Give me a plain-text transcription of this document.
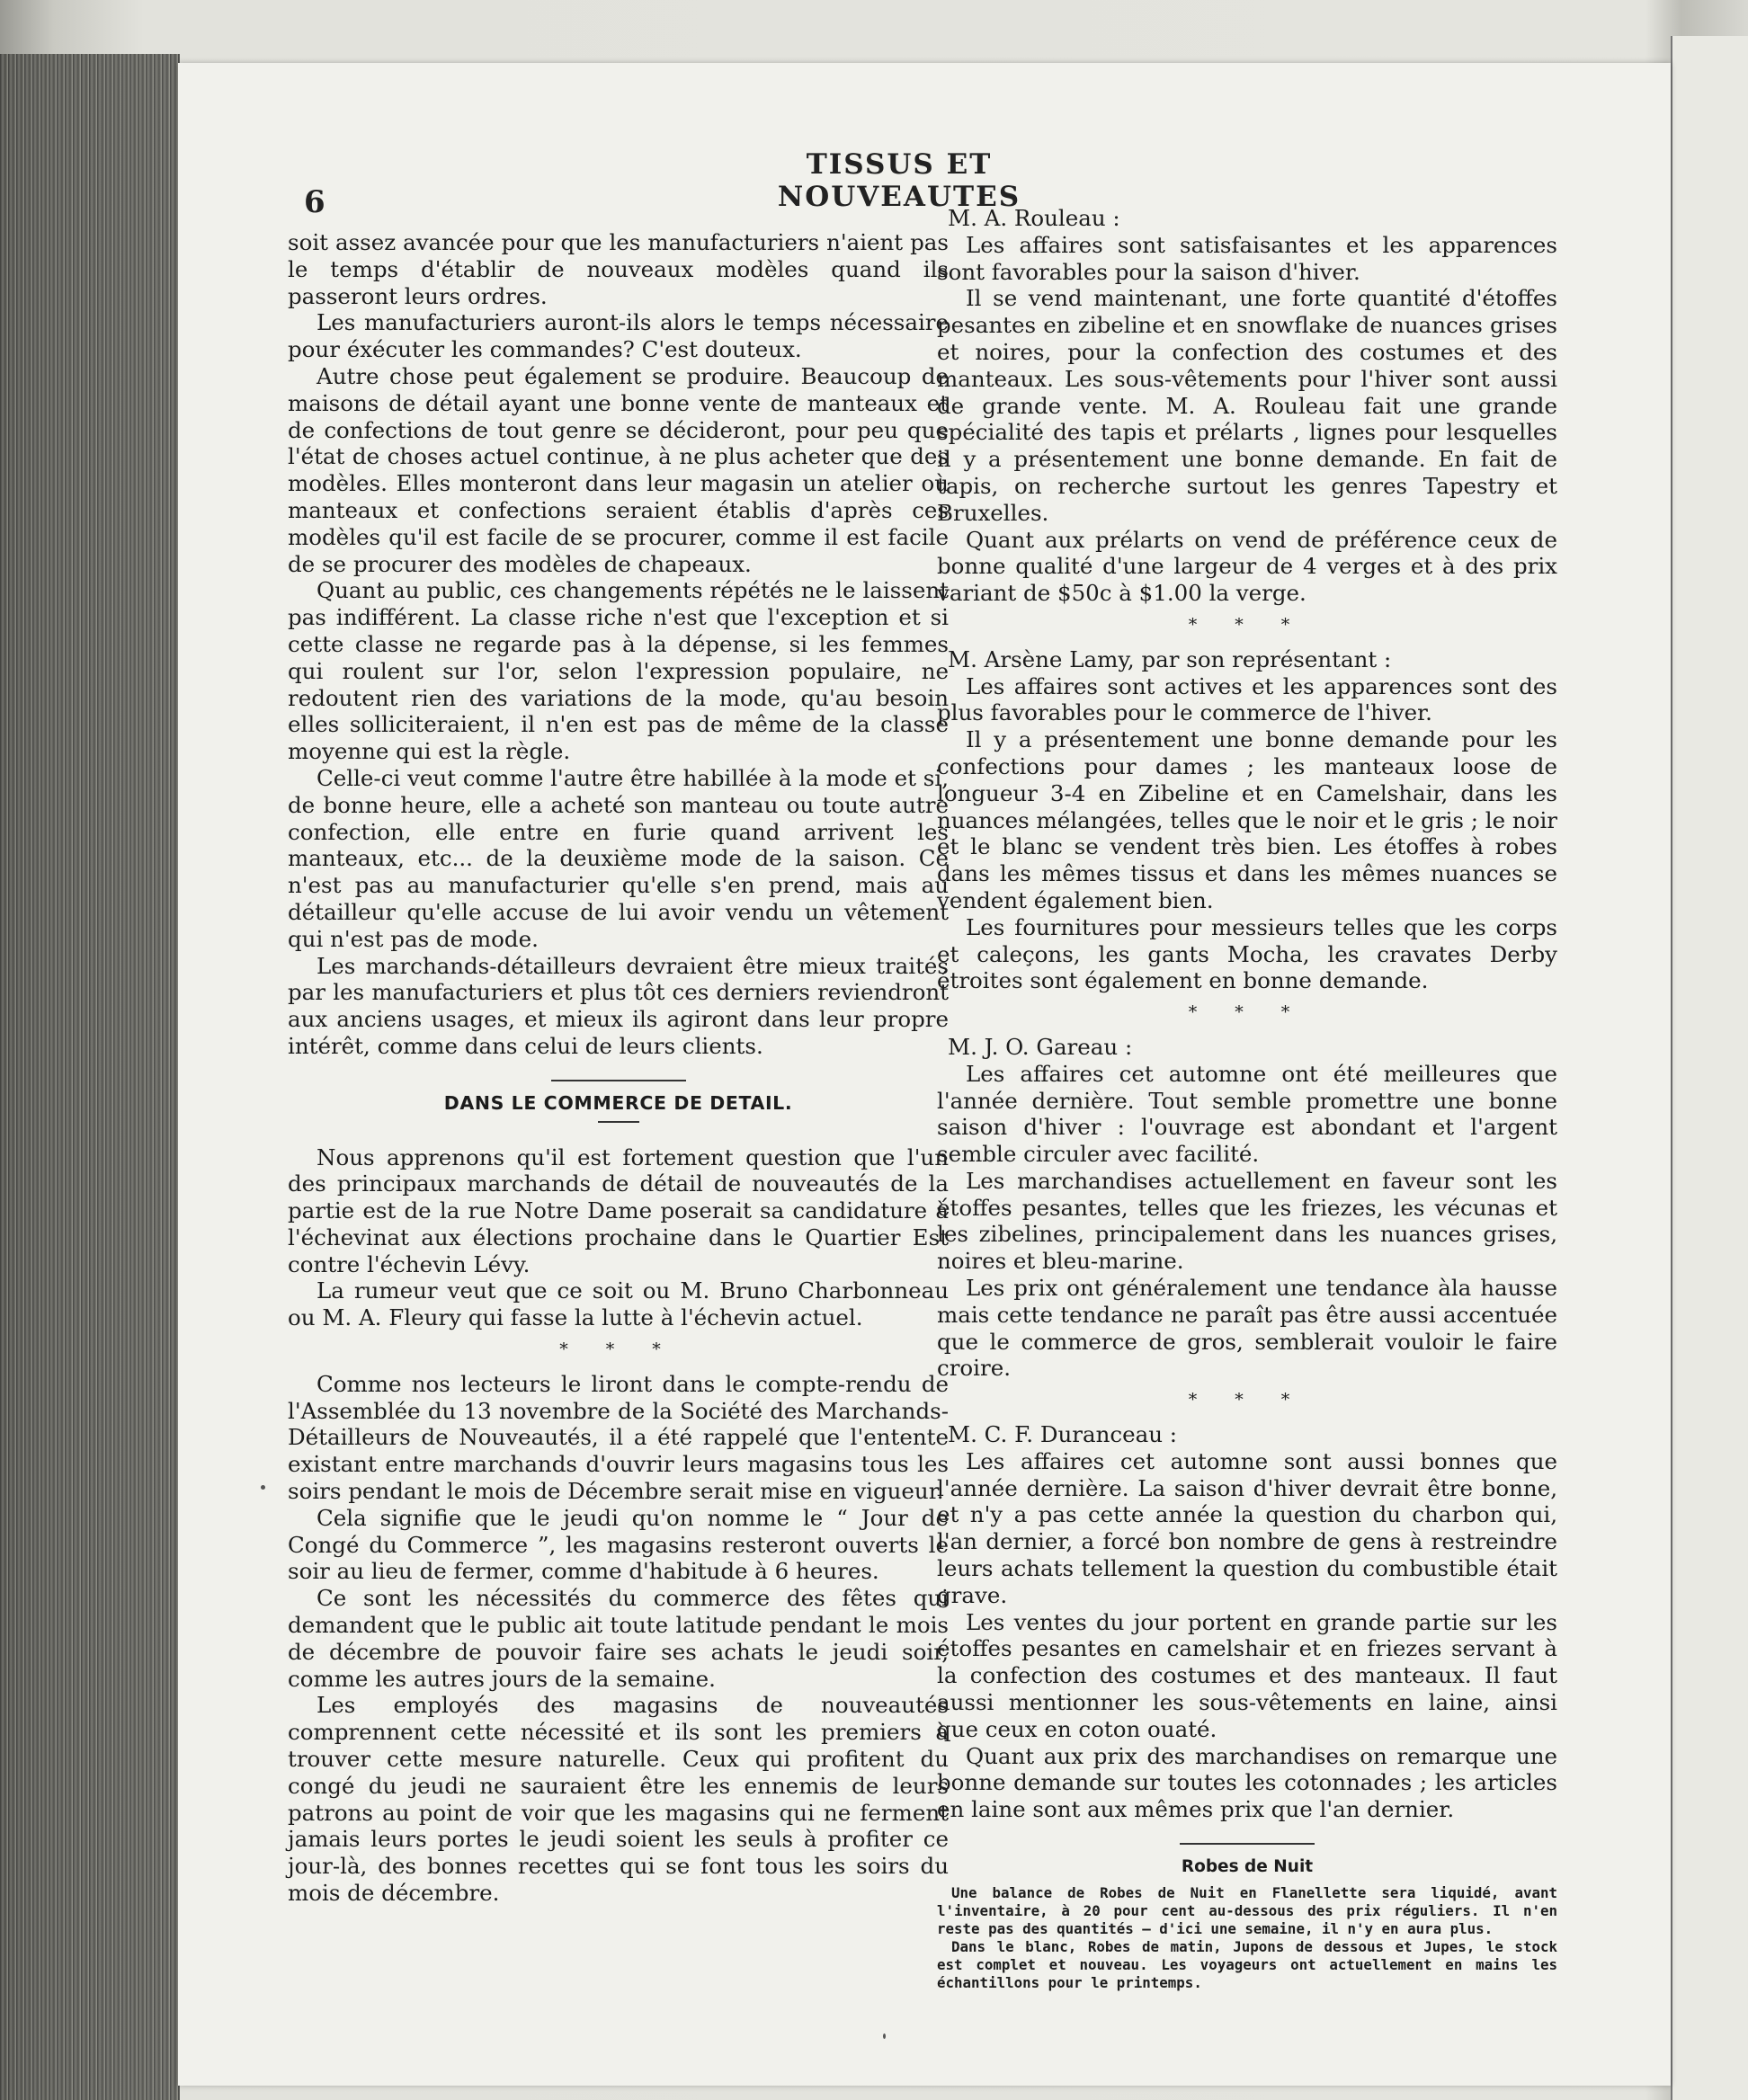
6
TISSUS ET NOUVEAUTES

soit assez avancée pour que les manufacturiers n'aient pas le temps d'établir de nouveaux modèles quand ils passeront leurs ordres.

Les manufacturiers auront-ils alors le temps nécessaire pour éxécuter les commandes? C'est douteux.

Autre chose peut également se produire. Beaucoup de maisons de détail ayant une bonne vente de manteaux et de confections de tout genre se décideront, pour peu que l'état de choses actuel continue, à ne plus acheter que des modèles. Elles monteront dans leur magasin un atelier où manteaux et confections seraient établis d'après ces modèles qu'il est facile de se procurer, comme il est facile de se procurer des modèles de chapeaux.

Quant au public, ces changements répétés ne le laissent pas indifférent. La classe riche n'est que l'exception et si cette classe ne regarde pas à la dépense, si les femmes qui roulent sur l'or, selon l'expression populaire, ne redoutent rien des variations de la mode, qu'au besoin elles solliciteraient, il n'en est pas de même de la classe moyenne qui est la règle.

Celle-ci veut comme l'autre être habillée à la mode et si, de bonne heure, elle a acheté son manteau ou toute autre confection, elle entre en furie quand arrivent les manteaux, etc... de la deuxième mode de la saison. Ce n'est pas au manufacturier qu'elle s'en prend, mais au détailleur qu'elle accuse de lui avoir vendu un vêtement qui n'est pas de mode.

Les marchands-détailleurs devraient être mieux traités par les manufacturiers et plus tôt ces derniers reviendront aux anciens usages, et mieux ils agiront dans leur propre intérêt, comme dans celui de leurs clients.

DANS LE COMMERCE DE DETAIL.

Nous apprenons qu'il est fortement question que l'un des principaux marchands de détail de nouveautés de la partie est de la rue Notre Dame poserait sa candidature à l'échevinat aux élections prochaine dans le Quartier Est contre l'échevin Lévy.

La rumeur veut que ce soit ou M. Bruno Charbonneau ou M. A. Fleury qui fasse la lutte à l'échevin actuel.

* * *

Comme nos lecteurs le liront dans le compte-rendu de l'Assemblée du 13 novembre de la Société des Marchands-Détailleurs de Nouveautés, il a été rappelé que l'entente existant entre marchands d'ouvrir leurs magasins tous les soirs pendant le mois de Décembre serait mise en vigueur.

Cela signifie que le jeudi qu'on nomme le “ Jour de Congé du Commerce ”, les magasins resteront ouverts le soir au lieu de fermer, comme d'habitude à 6 heures.

Ce sont les nécessités du commerce des fêtes qui demandent que le public ait toute latitude pendant le mois de décembre de pouvoir faire ses achats le jeudi soir, comme les autres jours de la semaine.

Les employés des magasins de nouveautés comprennent cette nécessité et ils sont les premiers à trouver cette mesure naturelle. Ceux qui profitent du congé du jeudi ne sauraient être les ennemis de leurs patrons au point de voir que les magasins qui ne ferment jamais leurs portes le jeudi soient les seuls à profiter ce jour-là, des bonnes recettes qui se font tous les soirs du mois de décembre.

M. A. Rouleau :

Les affaires sont satisfaisantes et les apparences sont favorables pour la saison d'hiver.

Il se vend maintenant, une forte quantité d'étoffes pesantes en zibeline et en snowflake de nuances grises et noires, pour la confection des costumes et des manteaux. Les sous-vêtements pour l'hiver sont aussi de grande vente. M. A. Rouleau fait une grande spécialité des tapis et prélarts , lignes pour lesquelles il y a présentement une bonne demande. En fait de tapis, on recherche surtout les genres Tapestry et Bruxelles.

Quant aux prélarts on vend de préférence ceux de bonne qualité d'une largeur de 4 verges et à des prix variant de $50c à $1.00 la verge.

* * *

M. Arsène Lamy, par son représentant :

Les affaires sont actives et les apparences sont des plus favorables pour le commerce de l'hiver.

Il y a présentement une bonne demande pour les confections pour dames ; les manteaux loose de longueur 3-4 en Zibeline et en Camelshair, dans les nuances mélangées, telles que le noir et le gris ; le noir et le blanc se vendent très bien. Les étoffes à robes dans les mêmes tissus et dans les mêmes nuances se vendent également bien.

Les fournitures pour messieurs telles que les corps et caleçons, les gants Mocha, les cravates Derby étroites sont également en bonne demande.

* * *

M. J. O. Gareau :

Les affaires cet automne ont été meilleures que l'année dernière. Tout semble promettre une bonne saison d'hiver : l'ouvrage est abondant et l'argent semble circuler avec facilité.

Les marchandises actuellement en faveur sont les étoffes pesantes, telles que les friezes, les vécunas et les zibelines, principalement dans les nuances grises, noires et bleu-marine.

Les prix ont généralement une tendance àla hausse mais cette tendance ne paraît pas être aussi accentuée que le commerce de gros, semblerait vouloir le faire croire.

* * *

M. C. F. Duranceau :

Les affaires cet automne sont aussi bonnes que l'année dernière. La saison d'hiver devrait être bonne, et n'y a pas cette année la question du charbon qui, l'an dernier, a forcé bon nombre de gens à restreindre leurs achats tellement la question du combustible était grave.

Les ventes du jour portent en grande partie sur les étoffes pesantes en camelshair et en friezes servant à la confection des costumes et des manteaux. Il faut aussi mentionner les sous-vêtements en laine, ainsi que ceux en coton ouaté.

Quant aux prix des marchandises on remarque une bonne demande sur toutes les cotonnades ; les articles en laine sont aux mêmes prix que l'an dernier.

Robes de Nuit

Une balance de Robes de Nuit en Flanellette sera liquidé, avant l'inventaire, à 20 pour cent au-dessous des prix réguliers. Il n'en reste pas des quantités — d'ici une semaine, il n'y en aura plus.

Dans le blanc, Robes de matin, Jupons de dessous et Jupes, le stock est complet et nouveau. Les voyageurs ont actuellement en mains les échantillons pour le printemps.
